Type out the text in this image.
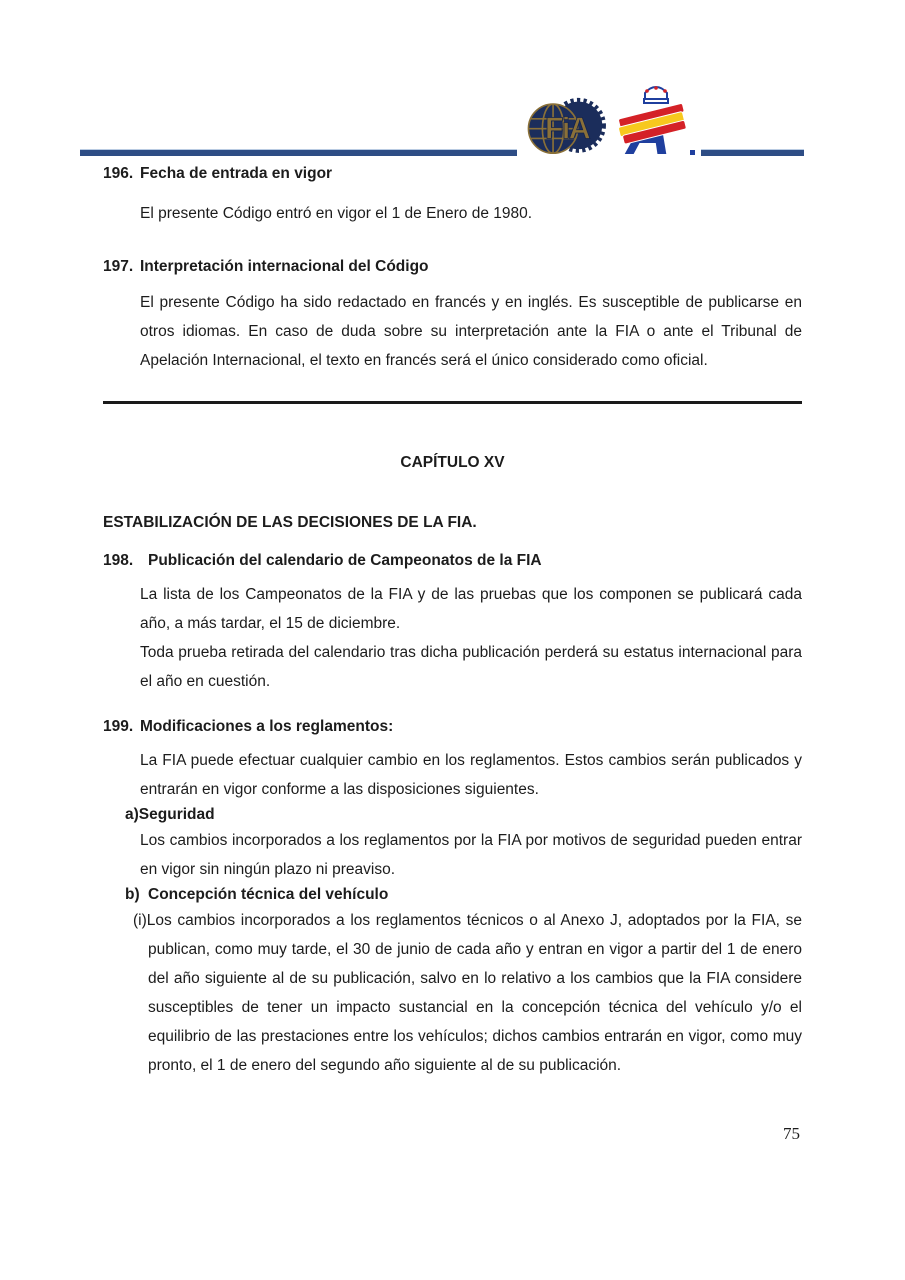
FiA

196. Fecha de entrada en vigor

El presente Código entró en vigor el 1 de Enero de 1980.

197. Interpretación internacional del Código

El presente Código ha sido redactado en francés y en inglés. Es susceptible de publicarse en otros idiomas. En caso de duda sobre su interpretación ante la FIA o ante el Tribunal de Apelación Internacional, el texto en francés será el único considerado como oficial.

CAPÍTULO XV

ESTABILIZACIÓN DE LAS DECISIONES DE LA FIA.

198. Publicación del calendario de Campeonatos de la FIA

La lista de los Campeonatos de la FIA y de las pruebas que los componen se publicará cada año, a más tardar, el 15 de diciembre.

Toda prueba retirada del calendario tras dicha publicación perderá su estatus internacional para el año en cuestión.

199. Modificaciones a los reglamentos:

La FIA puede efectuar cualquier cambio en los reglamentos. Estos cambios serán publicados y entrarán en vigor conforme a las disposiciones siguientes.

a)Seguridad

Los cambios incorporados a los reglamentos por la FIA por motivos de seguridad pueden entrar en vigor sin ningún plazo ni preaviso.

b) Concepción técnica del vehículo

(i)Los cambios incorporados a los reglamentos técnicos o al Anexo J, adoptados por la FIA, se publican, como muy tarde, el 30 de junio de cada año y entran en vigor a partir del 1 de enero del año siguiente al de su publicación, salvo en lo relativo a los cambios que la FIA considere susceptibles de tener un impacto sustancial en la concepción técnica del vehículo y/o el equilibrio de las prestaciones entre los vehículos; dichos cambios entrarán en vigor, como muy pronto, el 1 de enero del segundo año siguiente al de su publicación.

75
